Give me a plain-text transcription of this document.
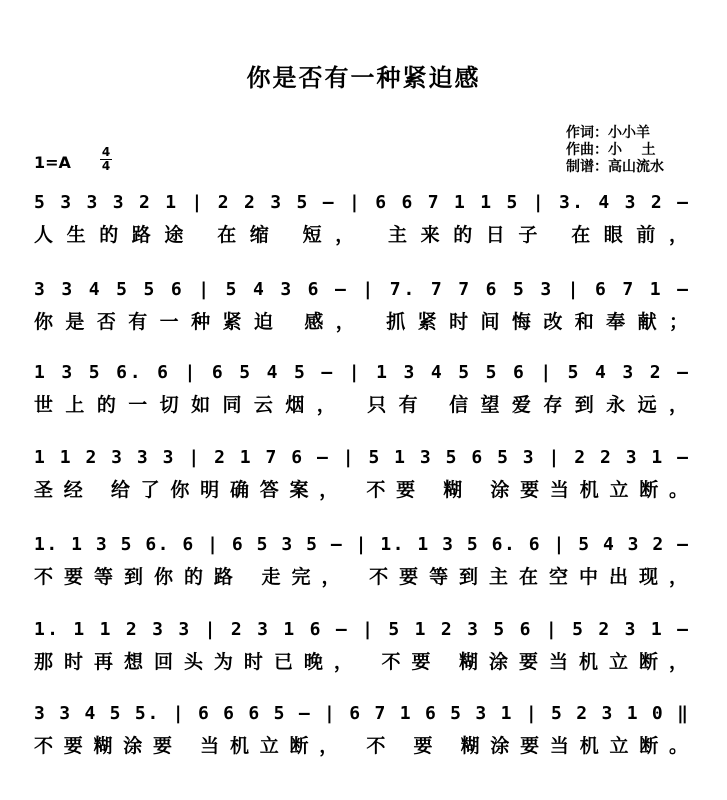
你是否有一种紧迫感
作词：小小羊
作曲：小    土
制谱：高山流水
1=A
4
4
5 3 3 3 2 1 | 2 2 3 5 – | 6 6 7 1 1 5 | 3. 4 3 2 –
人生的路途 在缩 短， 主来的日子 在眼前，
3 3 4 5 5 6 | 5 4 3 6 – | 7. 7 7 6 5 3 | 6 7 1 –
你是否有一种紧迫 感， 抓紧时间悔改和奉献；
1 3 5 6. 6 | 6 5 4 5 – | 1 3 4 5 5 6 | 5 4 3 2 –
世上的一切如同云烟， 只有 信望爱存到永远，
1 1 2 3 3 3 | 2 1 7 6 – | 5 1 3 5 6 5 3 | 2 2 3 1 –
圣经 给了你明确答案， 不要 糊 涂要当机立断。
1. 1 3 5 6. 6 | 6 5 3 5 – | 1. 1 3 5 6. 6 | 5 4 3 2 –
不要等到你的路 走完， 不要等到主在空中出现，
1. 1 1 2 3 3 | 2 3 1 6 – | 5 1 2 3 5 6 | 5 2 3 1 –
那时再想回头为时已晚， 不要 糊涂要当机立断，
3 3 4 5 5. | 6 6 6 5 – | 6 7 1 6 5 3 1 | 5 2 3 1 0 ‖
不要糊涂要 当机立断， 不 要 糊涂要当机立断。
